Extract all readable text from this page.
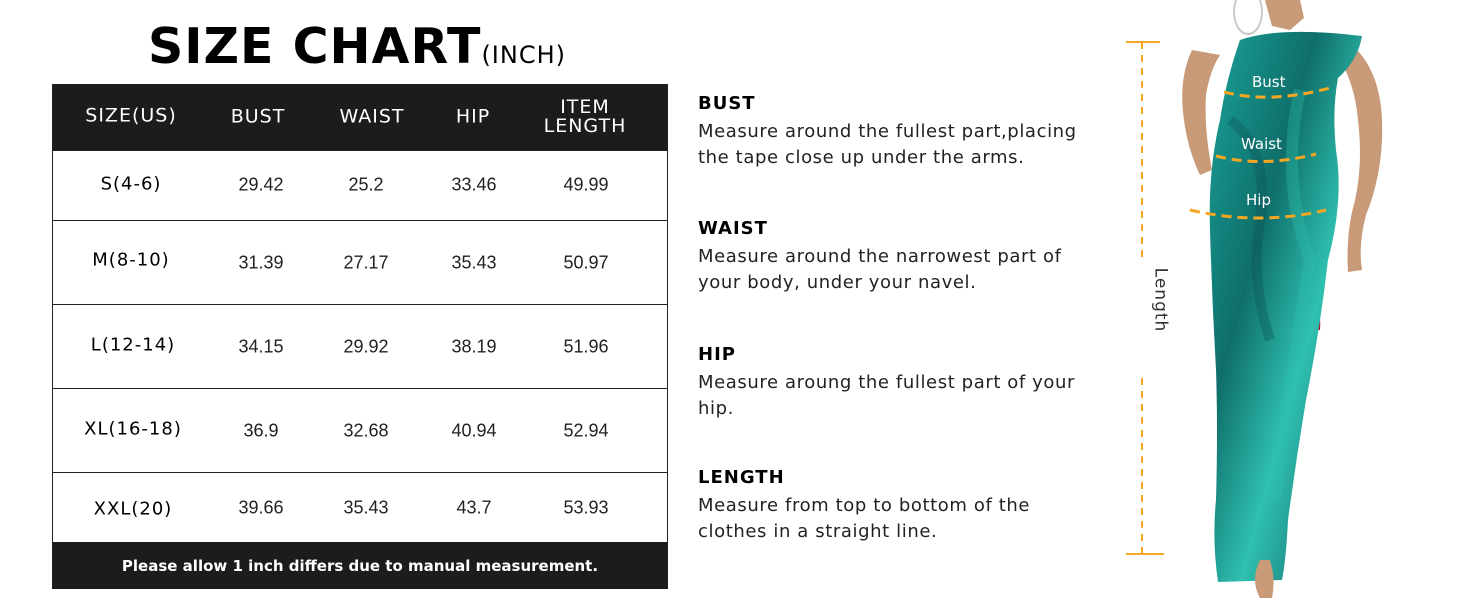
SIZE CHART(INCH)
SIZE(US)	BUST	WAIST	HIP	ITEM
LENGTH
S(4-6)	29.42	25.2	33.46	49.99
M(8-10)	31.39	27.17	35.43	50.97
L(12-14)	34.15	29.92	38.19	51.96
XL(16-18)	36.9	32.68	40.94	52.94
XXL(20)	39.66	35.43	43.7	53.93
Please allow 1 inch differs due to manual measurement.
BUST

Measure around the fullest part,placing the tape close up under the arms.

WAIST

Measure around the narrowest part of your body, under your navel.

HIP

Measure aroung the fullest part of your hip.

LENGTH

Measure from top to bottom of the clothes in a straight line.

Length
Bust
Waist
Hip
